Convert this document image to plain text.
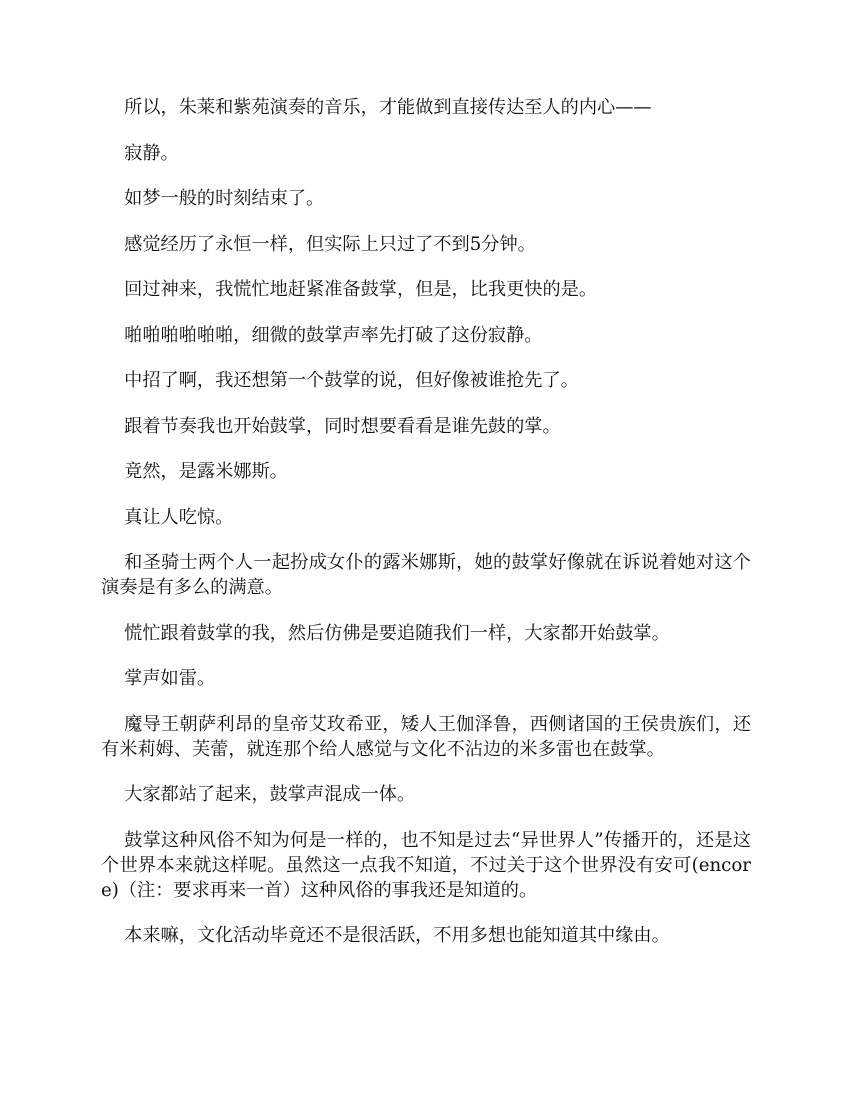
所以，朱莱和紫苑演奏的音乐，才能做到直接传达至人的内心——

寂静。

如梦一般的时刻结束了。

感觉经历了永恒一样，但实际上只过了不到5分钟。

回过神来，我慌忙地赶紧准备鼓掌，但是，比我更快的是。

啪啪啪啪啪啪，细微的鼓掌声率先打破了这份寂静。

中招了啊，我还想第一个鼓掌的说，但好像被谁抢先了。

跟着节奏我也开始鼓掌，同时想要看看是谁先鼓的掌。

竟然，是露米娜斯。

真让人吃惊。

和圣骑士两个人一起扮成女仆的露米娜斯，她的鼓掌好像就在诉说着她对这个演奏是有多么的满意。

慌忙跟着鼓掌的我，然后仿佛是要追随我们一样，大家都开始鼓掌。

掌声如雷。

魔导王朝萨利昂的皇帝艾玫希亚，矮人王伽泽鲁，西侧诸国的王侯贵族们，还有米莉姆、芙蕾，就连那个给人感觉与文化不沾边的米多雷也在鼓掌。

大家都站了起来，鼓掌声混成一体。

鼓掌这种风俗不知为何是一样的，也不知是过去“异世界人”传播开的，还是这个世界本来就这样呢。虽然这一点我不知道，不过关于这个世界没有安可(encore)（注：要求再来一首）这种风俗的事我还是知道的。

本来嘛，文化活动毕竟还不是很活跃，不用多想也能知道其中缘由。
